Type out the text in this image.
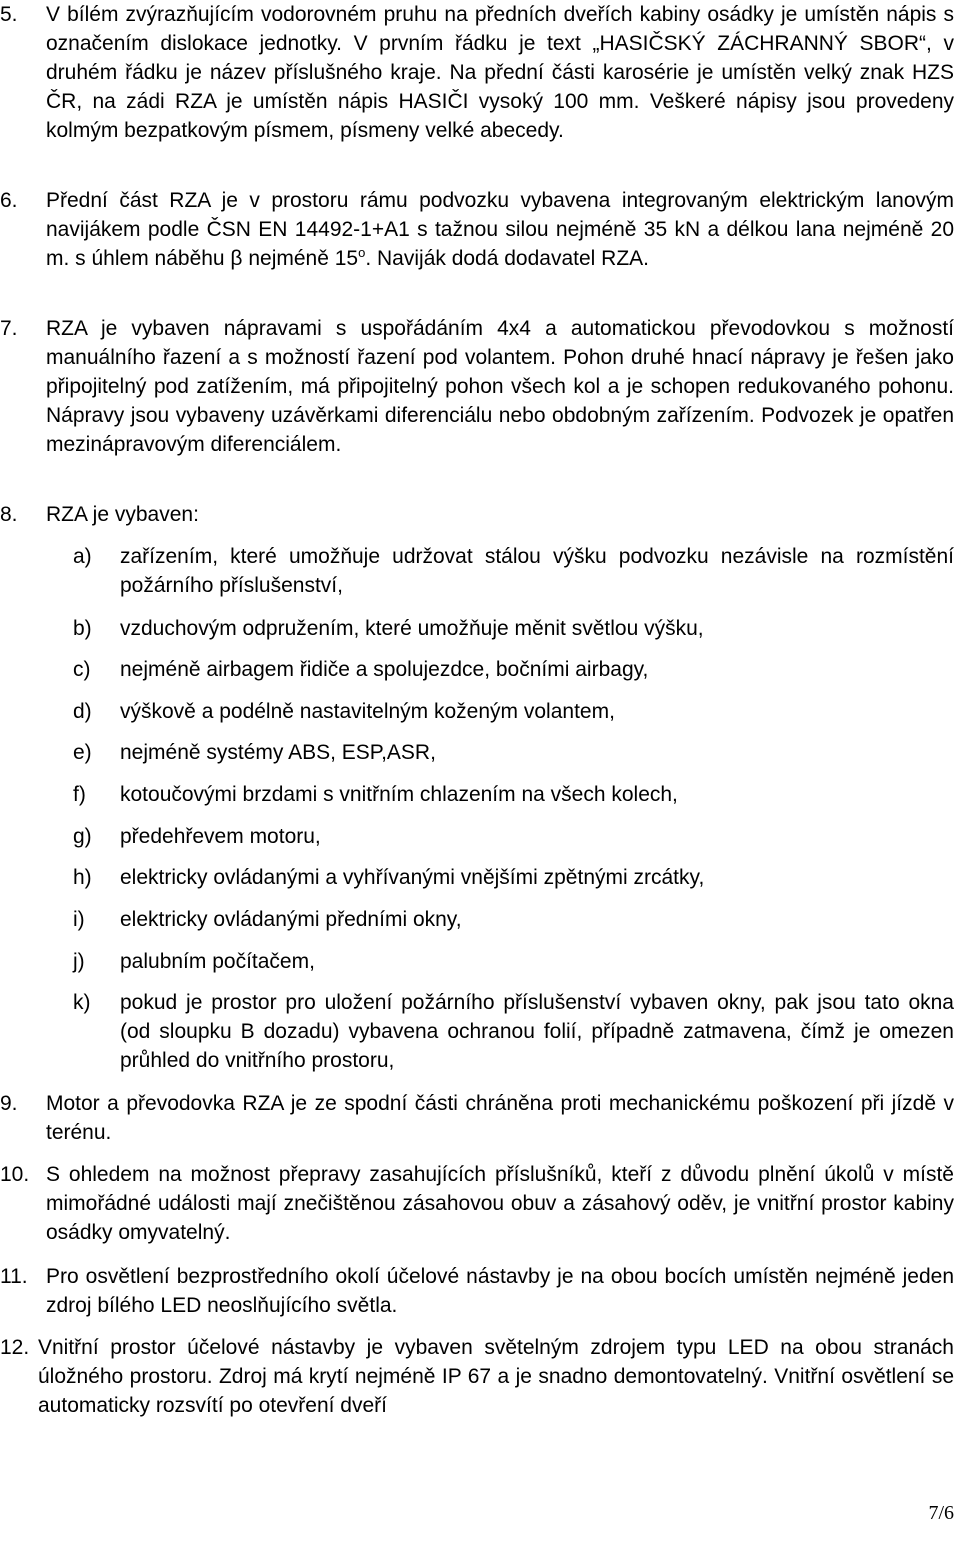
5. V bílém zvýrazňujícím vodorovném pruhu na předních dveřích kabiny osádky je umístěn nápis s označením dislokace jednotky. V prvním řádku je text „HASIČSKÝ ZÁCHRANNÝ SBOR“, v druhém řádku je název příslušného kraje. Na přední části karosérie je umístěn velký znak HZS ČR, na zádi RZA je umístěn nápis HASIČI vysoký 100 mm. Veškeré nápisy jsou provedeny kolmým bezpatkovým písmem, písmeny velké abecedy.
6. Přední část RZA je v prostoru rámu podvozku vybavena integrovaným elektrickým lanovým navijákem podle ČSN EN 14492-1+A1 s tažnou silou nejméně 35 kN a délkou lana nejméně 20 m. s úhlem náběhu β nejméně 15$^o$. Naviják dodá dodavatel RZA.
7. RZA je vybaven nápravami s uspořádáním 4x4 a automatickou převodovkou s možností manuálního řazení a s možností řazení pod volantem. Pohon druhé hnací nápravy je řešen jako připojitelný pod zatížením, má připojitelný pohon všech kol a je schopen redukovaného pohonu. Nápravy jsou vybaveny uzávěrkami diferenciálu nebo obdobným zařízením. Podvozek je opatřen mezinápravovým diferenciálem.
8. RZA je vybaven:
a) zařízením, které umožňuje udržovat stálou výšku podvozku nezávisle na rozmístění požárního příslušenství,
b) vzduchovým odpružením, které umožňuje měnit světlou výšku,
c) nejméně airbagem řidiče a spolujezdce, bočními airbagy,
d) výškově a podélně nastavitelným koženým volantem,
e) nejméně systémy ABS, ESP,ASR,
f) kotoučovými brzdami s vnitřním chlazením na všech kolech,
g) předehřevem motoru,
h) elektricky ovládanými a vyhřívanými vnějšími zpětnými zrcátky,
i) elektricky ovládanými předními okny,
j) palubním počítačem,
k) pokud je prostor pro uložení požárního příslušenství vybaven okny, pak jsou tato okna (od sloupku B dozadu) vybavena ochranou folií, případně zatmavena, čímž je omezen průhled do vnitřního prostoru,
9. Motor a převodovka RZA je ze spodní části chráněna proti mechanickému poškození při jízdě v terénu.
10. S ohledem na možnost přepravy zasahujících příslušníků, kteří z důvodu plnění úkolů v místě mimořádné události mají znečištěnou zásahovou obuv a zásahový oděv, je vnitřní prostor kabiny osádky omyvatelný.
11. Pro osvětlení bezprostředního okolí účelové nástavby je na obou bocích umístěn nejméně jeden zdroj bílého LED neoslňujícího světla.
12. Vnitřní prostor účelové nástavby je vybaven světelným zdrojem typu LED na obou stranách úložného prostoru. Zdroj má krytí nejméně IP 67 a je snadno demontovatelný. Vnitřní osvětlení se automaticky rozsvítí po otevření dveří
7/6
